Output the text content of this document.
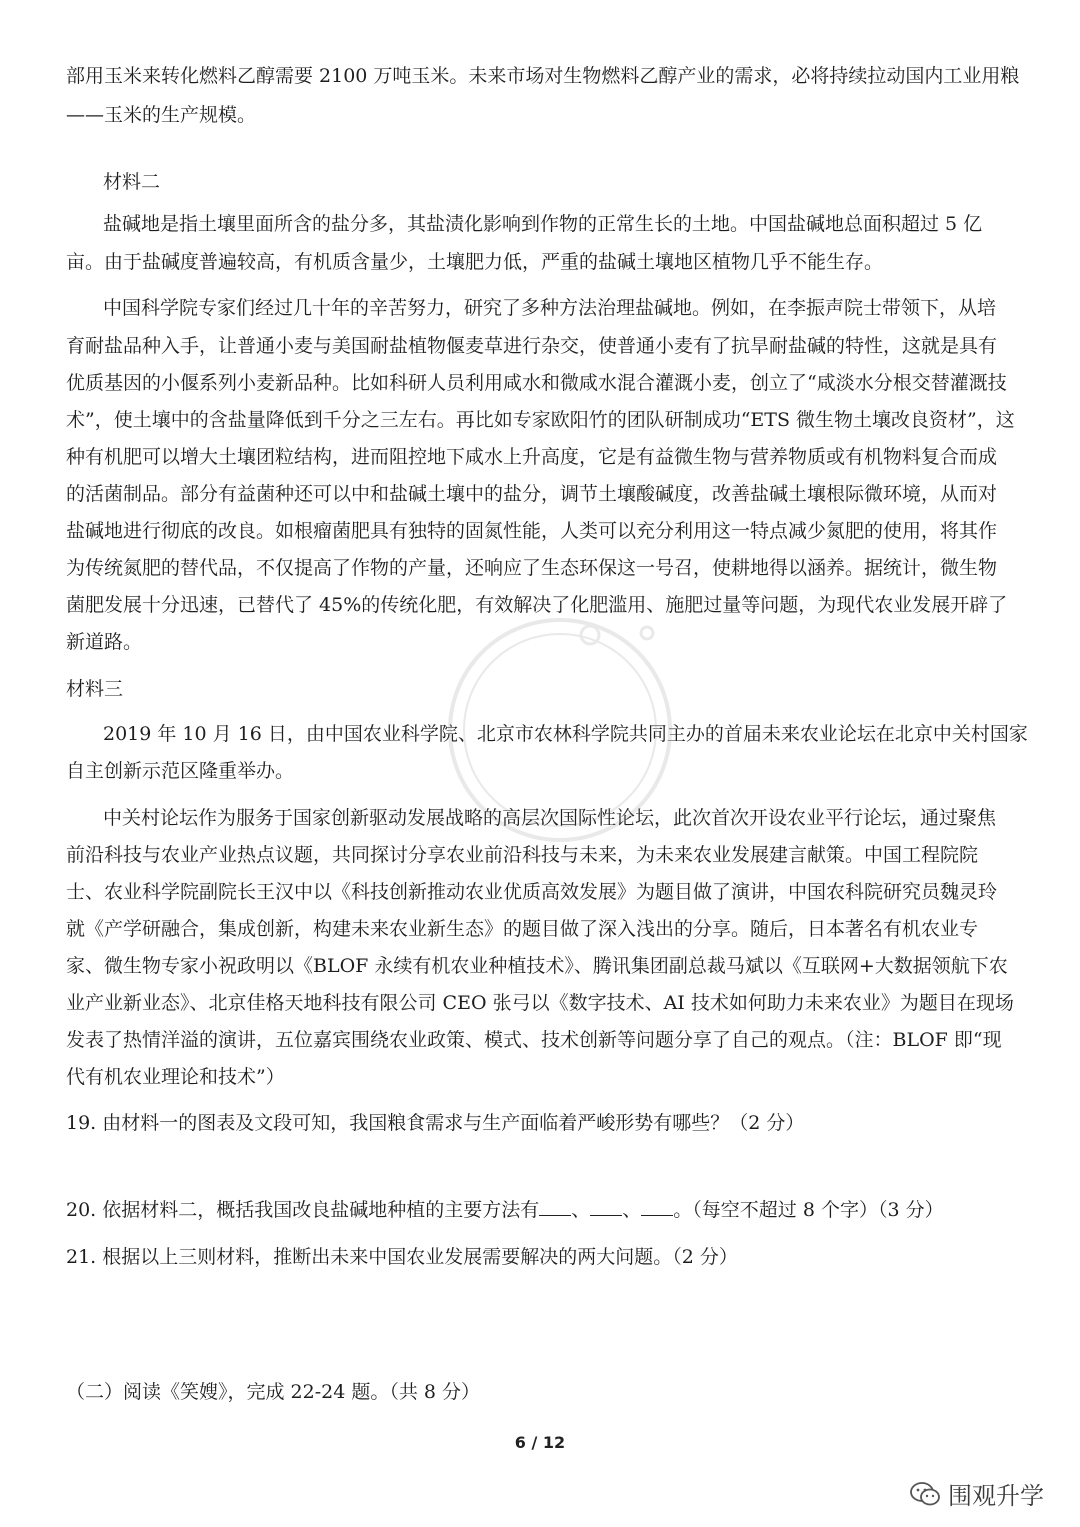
部用玉米来转化燃料乙醇需要 2100 万吨玉米。未来市场对生物燃料乙醇产业的需求，必将持续拉动国内工业用粮

——玉米的生产规模。

材料二

盐碱地是指土壤里面所含的盐分多，其盐渍化影响到作物的正常生长的土地。中国盐碱地总面积超过 5 亿

亩。由于盐碱度普遍较高，有机质含量少，土壤肥力低，严重的盐碱土壤地区植物几乎不能生存。

中国科学院专家们经过几十年的辛苦努力，研究了多种方法治理盐碱地。例如，在李振声院士带领下，从培

育耐盐品种入手，让普通小麦与美国耐盐植物偃麦草进行杂交，使普通小麦有了抗旱耐盐碱的特性，这就是具有

优质基因的小偃系列小麦新品种。比如科研人员利用咸水和微咸水混合灌溉小麦，创立了“咸淡水分根交替灌溉技

术”，使土壤中的含盐量降低到千分之三左右。再比如专家欧阳竹的团队研制成功“ETS 微生物土壤改良资材”，这

种有机肥可以增大土壤团粒结构，进而阻控地下咸水上升高度，它是有益微生物与营养物质或有机物料复合而成

的活菌制品。部分有益菌种还可以中和盐碱土壤中的盐分，调节土壤酸碱度，改善盐碱土壤根际微环境，从而对

盐碱地进行彻底的改良。如根瘤菌肥具有独特的固氮性能，人类可以充分利用这一特点减少氮肥的使用，将其作

为传统氮肥的替代品，不仅提高了作物的产量，还响应了生态环保这一号召，使耕地得以涵养。据统计，微生物

菌肥发展十分迅速，已替代了 45%的传统化肥，有效解决了化肥滥用、施肥过量等问题，为现代农业发展开辟了

新道路。

材料三

2019 年 10 月 16 日，由中国农业科学院、北京市农林科学院共同主办的首届未来农业论坛在北京中关村国家

自主创新示范区隆重举办。

中关村论坛作为服务于国家创新驱动发展战略的高层次国际性论坛，此次首次开设农业平行论坛，通过聚焦

前沿科技与农业产业热点议题，共同探讨分享农业前沿科技与未来，为未来农业发展建言献策。中国工程院院

士、农业科学院副院长王汉中以《科技创新推动农业优质高效发展》为题目做了演讲，中国农科院研究员魏灵玲

就《产学研融合，集成创新，构建未来农业新生态》的题目做了深入浅出的分享。随后，日本著名有机农业专

家、微生物专家小祝政明以《BLOF 永续有机农业种植技术》、腾讯集团副总裁马斌以《互联网+大数据领航下农

业产业新业态》、北京佳格天地科技有限公司 CEO 张弓以《数字技术、AI 技术如何助力未来农业》为题目在现场

发表了热情洋溢的演讲，五位嘉宾围绕农业政策、模式、技术创新等问题分享了自己的观点。（注：BLOF 即“现

代有机农业理论和技术”）

19. 由材料一的图表及文段可知，我国粮食需求与生产面临着严峻形势有哪些？（2 分）

20. 依据材料二，概括我国改良盐碱地种植的主要方法有 、 、 。（每空不超过 8 个字）（3 分）

21. 根据以上三则材料，推断出未来中国农业发展需要解决的两大问题。（2 分）

（二）阅读《笑嫂》，完成 22-24 题。（共 8 分）

6 / 12
围观升学
